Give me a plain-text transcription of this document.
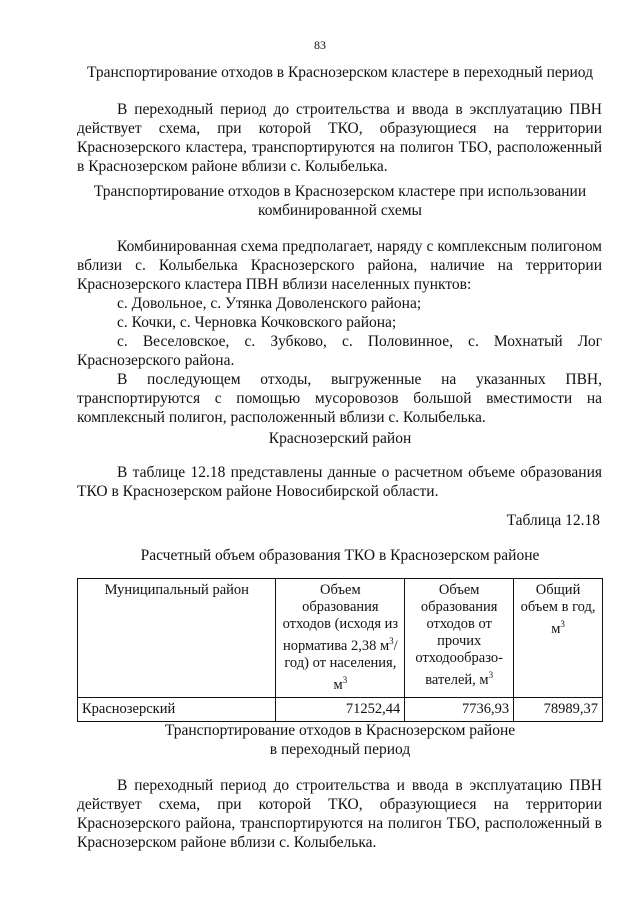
83
Транспортирование отходов в Краснозерском кластере в переходный период
В переходный период до строительства и ввода в эксплуатацию ПВН действует схема, при которой ТКО, образующиеся на территории Краснозерского кластера, транспортируются на полигон ТБО, расположенный в Краснозерском районе вблизи с. Колыбелька.
Транспортирование отходов в Краснозерском кластере при использовании
комбинированной схемы
Комбинированная схема предполагает, наряду с комплексным полигоном вблизи с. Колыбелька Краснозерского района, наличие на территории Краснозерского кластера ПВН вблизи населенных пунктов:
с. Довольное, с. Утянка Доволенского района;
с. Кочки, с. Черновка Кочковского района;
с. Веселовское, с. Зубково, с. Половинное, с. Мохнатый Лог Краснозерского района.
В последующем отходы, выгруженные на указанных ПВН, транспортируются с помощью мусоровозов большой вместимости на комплексный полигон, расположенный вблизи с. Колыбелька.
Краснозерский район
В таблице 12.18 представлены данные о расчетном объеме образования ТКО в Краснозерском районе Новосибирской области.
Таблица 12.18
Расчетный объем образования ТКО в Краснозерском районе
Муниципальный район	Объем образования отходов (исходя из норматива 2,38 $м^3/год$) от населения, $м^3$	Объем образования отходов от прочих отходообразо-вателей, $м^3$	Общий объем в год, $м^3$
Краснозерский	71252,44	7736,93	78989,37
Транспортирование отходов в Краснозерском районе
в переходный период
В переходный период до строительства и ввода в эксплуатацию ПВН действует схема, при которой ТКО, образующиеся на территории Краснозерского района, транспортируются на полигон ТБО, расположенный в Краснозерском районе вблизи с. Колыбелька.
